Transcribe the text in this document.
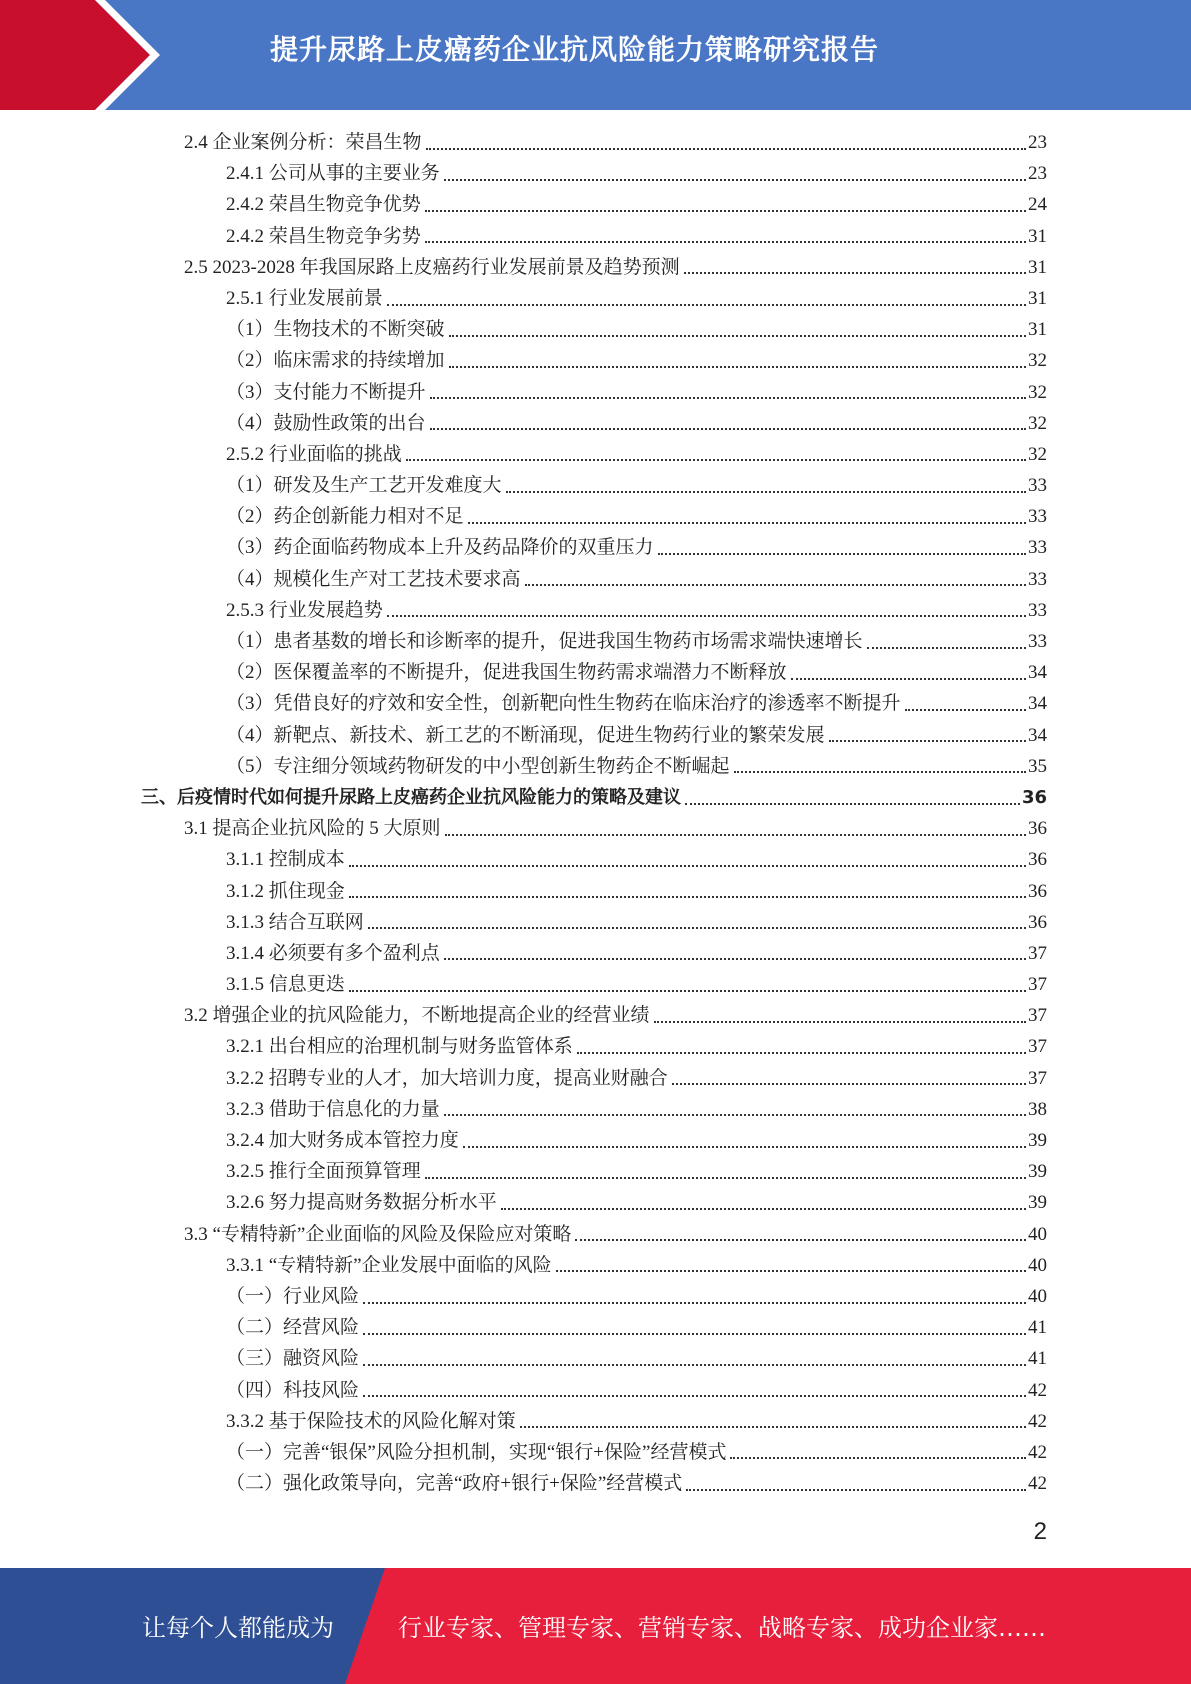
提升尿路上皮癌药企业抗风险能力策略研究报告
2.4 企业案例分析：荣昌生物	23
2.4.1 公司从事的主要业务	23
2.4.2 荣昌生物竞争优势	24
2.4.2 荣昌生物竞争劣势	31
2.5 2023-2028 年我国尿路上皮癌药行业发展前景及趋势预测	31
2.5.1 行业发展前景	31
（1）生物技术的不断突破	31
（2）临床需求的持续增加	32
（3）支付能力不断提升	32
（4）鼓励性政策的出台	32
2.5.2 行业面临的挑战	32
（1）研发及生产工艺开发难度大	33
（2）药企创新能力相对不足	33
（3）药企面临药物成本上升及药品降价的双重压力	33
（4）规模化生产对工艺技术要求高	33
2.5.3 行业发展趋势	33
（1）患者基数的增长和诊断率的提升，促进我国生物药市场需求端快速增长	33
（2）医保覆盖率的不断提升，促进我国生物药需求端潜力不断释放	34
（3）凭借良好的疗效和安全性，创新靶向性生物药在临床治疗的渗透率不断提升	34
（4）新靶点、新技术、新工艺的不断涌现，促进生物药行业的繁荣发展	34
（5）专注细分领域药物研发的中小型创新生物药企不断崛起	35
三、后疫情时代如何提升尿路上皮癌药企业抗风险能力的策略及建议	36
3.1 提高企业抗风险的 5 大原则	36
3.1.1 控制成本	36
3.1.2 抓住现金	36
3.1.3 结合互联网	36
3.1.4 必须要有多个盈利点	37
3.1.5 信息更迭	37
3.2 增强企业的抗风险能力，不断地提高企业的经营业绩	37
3.2.1 出台相应的治理机制与财务监管体系	37
3.2.2 招聘专业的人才，加大培训力度，提高业财融合	37
3.2.3 借助于信息化的力量	38
3.2.4 加大财务成本管控力度	39
3.2.5 推行全面预算管理	39
3.2.6 努力提高财务数据分析水平	39
3.3 “专精特新”企业面临的风险及保险应对策略	40
3.3.1 “专精特新”企业发展中面临的风险	40
（一）行业风险	40
（二）经营风险	41
（三）融资风险	41
（四）科技风险	42
3.3.2 基于保险技术的风险化解对策	42
（一）完善“银保”风险分担机制，实现“银行+保险”经营模式	42
（二）强化政策导向，完善“政府+银行+保险”经营模式	42
2
让每个人都能成为	行业专家、管理专家、营销专家、战略专家、成功企业家……
